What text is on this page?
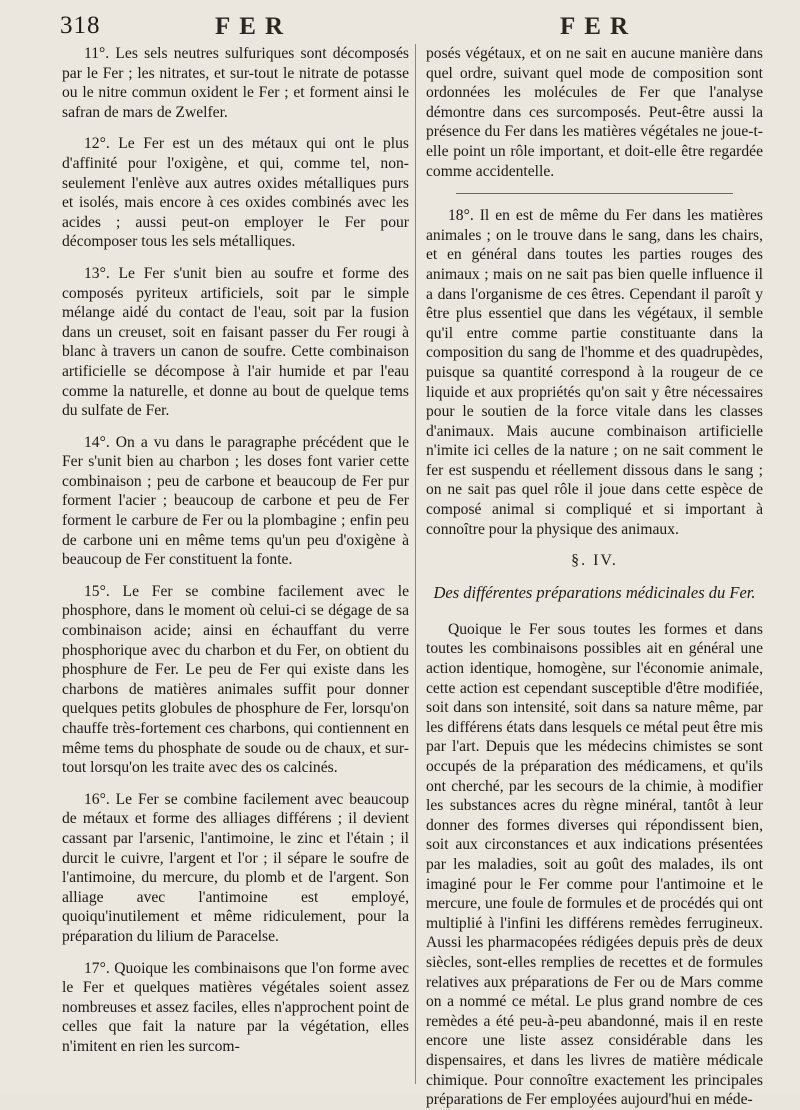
318	FER	FER

11°. Les sels neutres sulfuriques sont décomposés par le Fer ; les nitrates, et sur-tout le nitrate de potasse ou le nitre commun oxident le Fer ; et forment ainsi le safran de mars de Zwelfer.

12°. Le Fer est un des métaux qui ont le plus d'affinité pour l'oxigène, et qui, comme tel, non-seulement l'enlève aux autres oxides métalliques purs et isolés, mais encore à ces oxides combinés avec les acides ; aussi peut-on employer le Fer pour décomposer tous les sels métalliques.

13°. Le Fer s'unit bien au soufre et forme des composés pyriteux artificiels, soit par le simple mélange aidé du contact de l'eau, soit par la fusion dans un creuset, soit en faisant passer du Fer rougi à blanc à travers un canon de soufre. Cette combinaison artificielle se décompose à l'air humide et par l'eau comme la naturelle, et donne au bout de quelque tems du sulfate de Fer.

14°. On a vu dans le paragraphe précédent que le Fer s'unit bien au charbon ; les doses font varier cette combinaison ; peu de carbone et beaucoup de Fer pur forment l'acier ; beaucoup de carbone et peu de Fer forment le carbure de Fer ou la plombagine ; enfin peu de carbone uni en même tems qu'un peu d'oxigène à beaucoup de Fer constituent la fonte.

15°. Le Fer se combine facilement avec le phosphore, dans le moment où celui-ci se dégage de sa combinaison acide; ainsi en échauffant du verre phosphorique avec du charbon et du Fer, on obtient du phosphure de Fer. Le peu de Fer qui existe dans les charbons de matières animales suffit pour donner quelques petits globules de phosphure de Fer, lorsqu'on chauffe très-fortement ces charbons, qui contiennent en même tems du phosphate de soude ou de chaux, et sur-tout lorsqu'on les traite avec des os calcinés.

16°. Le Fer se combine facilement avec beaucoup de métaux et forme des alliages différens ; il devient cassant par l'arsenic, l'antimoine, le zinc et l'étain ; il durcit le cuivre, l'argent et l'or ; il sépare le soufre de l'antimoine, du mercure, du plomb et de l'argent. Son alliage avec l'antimoine est employé, quoiqu'inutilement et même ridiculement, pour la préparation du lilium de Paracelse.

17°. Quoique les combinaisons que l'on forme avec le Fer et quelques matières végétales soient assez nombreuses et assez faciles, elles n'approchent point de celles que fait la nature par la végétation, elles n'imitent en rien les surcom-

posés végétaux, et on ne sait en aucune manière dans quel ordre, suivant quel mode de composition sont ordonnées les molécules de Fer que l'analyse démontre dans ces surcomposés. Peut-être aussi la présence du Fer dans les matières végétales ne joue-t-elle point un rôle important, et doit-elle être regardée comme accidentelle.

18°. Il en est de même du Fer dans les matières animales ; on le trouve dans le sang, dans les chairs, et en général dans toutes les parties rouges des animaux ; mais on ne sait pas bien quelle influence il a dans l'organisme de ces êtres. Cependant il paroît y être plus essentiel que dans les végétaux, il semble qu'il entre comme partie constituante dans la composition du sang de l'homme et des quadrupèdes, puisque sa quantité correspond à la rougeur de ce liquide et aux propriétés qu'on sait y être nécessaires pour le soutien de la force vitale dans les classes d'animaux. Mais aucune combinaison artificielle n'imite ici celles de la nature ; on ne sait comment le fer est suspendu et réellement dissous dans le sang ; on ne sait pas quel rôle il joue dans cette espèce de composé animal si compliqué et si important à connoître pour la physique des animaux.

§. IV.
Des différentes préparations médicinales du Fer.

Quoique le Fer sous toutes les formes et dans toutes les combinaisons possibles ait en général une action identique, homogène, sur l'économie animale, cette action est cependant susceptible d'être modifiée, soit dans son intensité, soit dans sa nature même, par les différens états dans lesquels ce métal peut être mis par l'art. Depuis que les médecins chimistes se sont occupés de la préparation des médicamens, et qu'ils ont cherché, par les secours de la chimie, à modifier les substances acres du règne minéral, tantôt à leur donner des formes diverses qui répondissent bien, soit aux circonstances et aux indications présentées par les maladies, soit au goût des malades, ils ont imaginé pour le Fer comme pour l'antimoine et le mercure, une foule de formules et de procédés qui ont multiplié à l'infini les différens remèdes ferrugineux. Aussi les pharmacopées rédigées depuis près de deux siècles, sont-elles remplies de recettes et de formules relatives aux préparations de Fer ou de Mars comme on a nommé ce métal. Le plus grand nombre de ces remèdes a été peu-à-peu abandonné, mais il en reste encore une liste assez considérable dans les dispensaires, et dans les livres de matière médicale chimique. Pour connoître exactement les principales préparations de Fer employées aujourd'hui en méde-
